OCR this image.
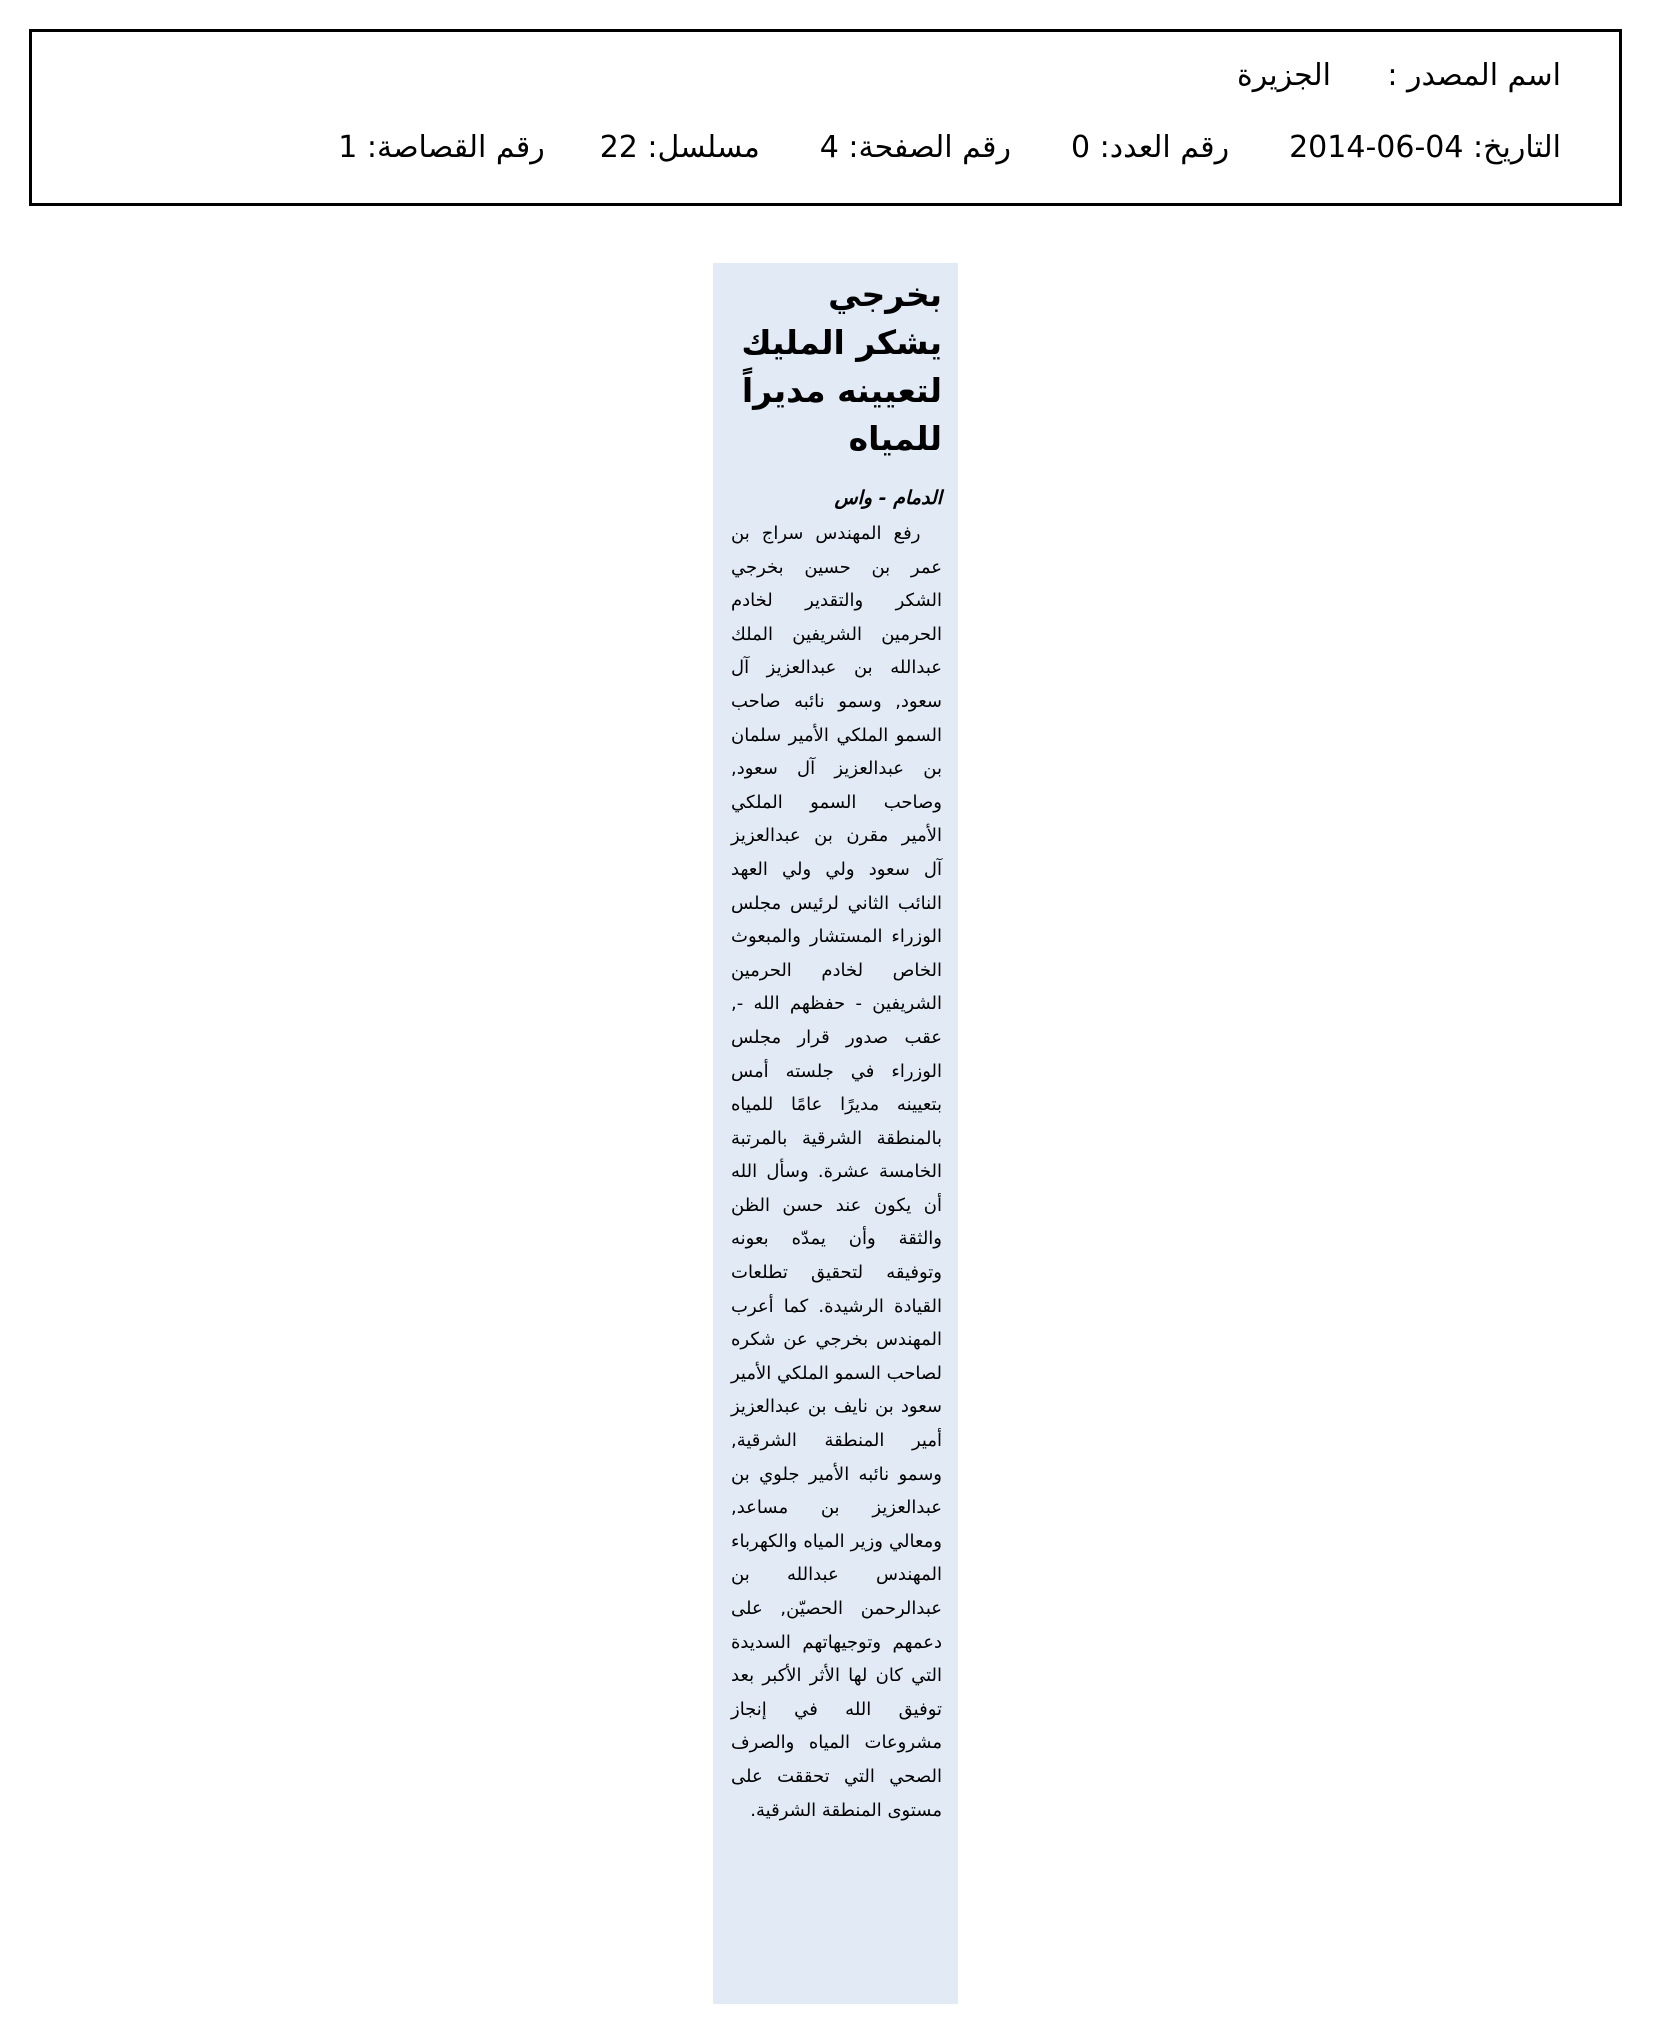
اسم المصدر :الجزيرة
التاريخ: 04-06-2014رقم العدد: 0رقم الصفحة: 4مسلسل: 22رقم القصاصة: 1
بخرجي يشكر المليك لتعيينه مديراً للمياه
الدمام - واس

رفع المهندس سراج بن عمر بن حسين بخرجي الشكر والتقدير لخادم الحرمين الشريفين الملك عبدالله بن عبدالعزيز آل سعود, وسمو نائبه صاحب السمو الملكي الأمير سلمان بن عبدالعزيز آل سعود, وصاحب السمو الملكي الأمير مقرن بن عبدالعزيز آل سعود ولي ولي العهد النائب الثاني لرئيس مجلس الوزراء المستشار والمبعوث الخاص لخادم الحرمين الشريفين - حفظهم الله -, عقب صدور قرار مجلس الوزراء في جلسته أمس بتعيينه مديرًا عامًا للمياه بالمنطقة الشرقية بالمرتبة الخامسة عشرة. وسأل الله أن يكون عند حسن الظن والثقة وأن يمدّه بعونه وتوفيقه لتحقيق تطلعات القيادة الرشيدة. كما أعرب المهندس بخرجي عن شكره لصاحب السمو الملكي الأمير سعود بن نايف بن عبدالعزيز أمير المنطقة الشرقية, وسمو نائبه الأمير جلوي بن عبدالعزيز بن مساعد, ومعالي وزير المياه والكهرباء المهندس عبدالله بن عبدالرحمن الحصيّن, على دعمهم وتوجيهاتهم السديدة التي كان لها الأثر الأكبر بعد توفيق الله في إنجاز مشروعات المياه والصرف الصحي التي تحققت على مستوى المنطقة الشرقية.
